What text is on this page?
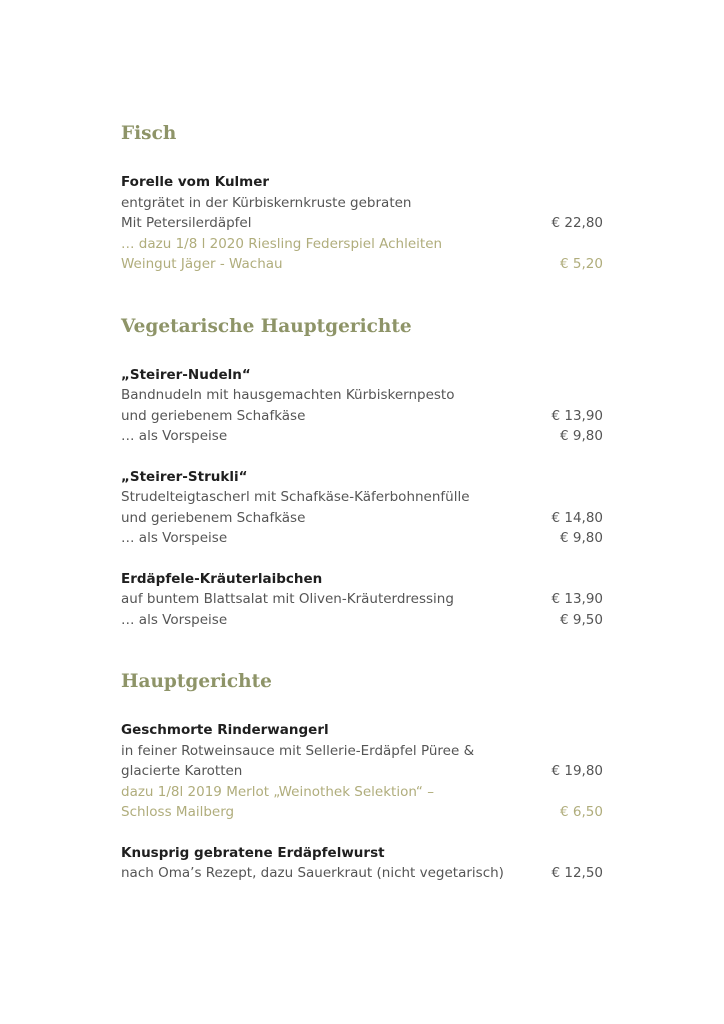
Fisch
Forelle vom Kulmer
entgrätet in der Kürbiskernkruste gebraten
Mit Petersilerdäpfel	€ 22,80
… dazu 1/8 l 2020 Riesling Federspiel Achleiten
Weingut Jäger - Wachau	€ 5,20
Vegetarische Hauptgerichte
„Steirer-Nudeln“
Bandnudeln mit hausgemachten Kürbiskernpesto
und geriebenem Schafkäse	€ 13,90
… als Vorspeise	€ 9,80
„Steirer-Strukli“
Strudelteigtascherl mit Schafkäse-Käferbohnenfülle
und geriebenem Schafkäse	€ 14,80
… als Vorspeise	€ 9,80
Erdäpfele-Kräuterlaibchen
auf buntem Blattsalat mit Oliven-Kräuterdressing	€ 13,90
… als Vorspeise	€ 9,50
Hauptgerichte
Geschmorte Rinderwangerl
in feiner Rotweinsauce mit Sellerie-Erdäpfel Püree &
glacierte Karotten	€ 19,80
dazu 1/8l 2019 Merlot „Weinothek Selektion“ –
Schloss Mailberg	€ 6,50
Knusprig gebratene Erdäpfelwurst
nach Oma’s Rezept, dazu Sauerkraut (nicht vegetarisch)	€ 12,50
